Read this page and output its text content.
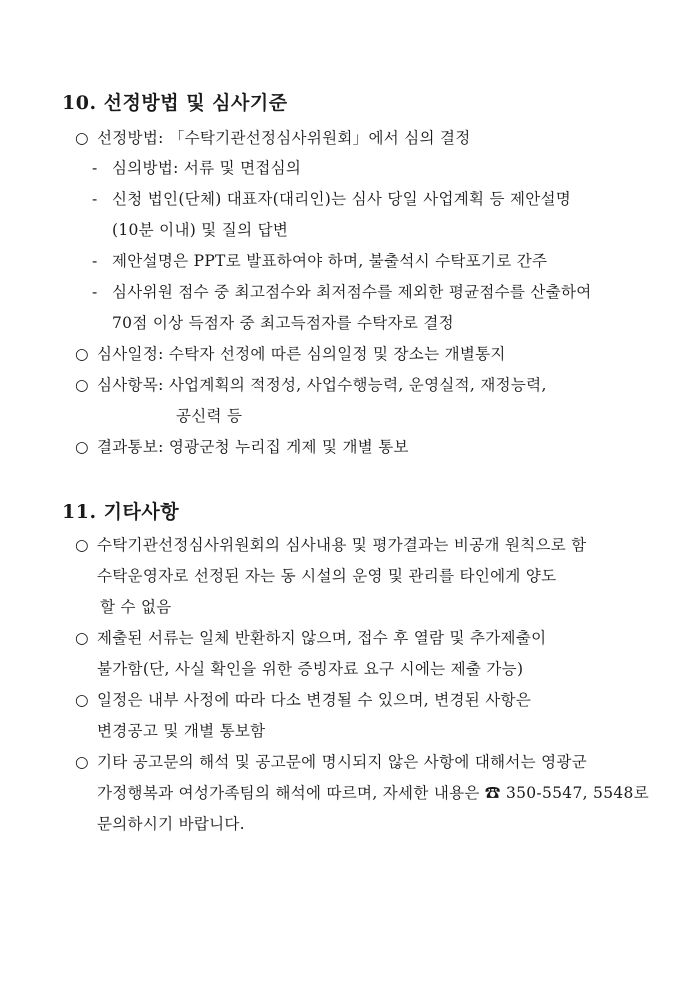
10. 선정방법 및 심사기준
○ 선정방법: 「수탁기관선정심사위원회」에서 심의 결정
- 심의방법: 서류 및 면접심의
- 신청 법인(단체) 대표자(대리인)는 심사 당일 사업계획 등 제안설명
(10분 이내) 및 질의 답변
- 제안설명은 PPT로 발표하여야 하며, 불출석시 수탁포기로 간주
- 심사위원 점수 중 최고점수와 최저점수를 제외한 평균점수를 산출하여
70점 이상 득점자 중 최고득점자를 수탁자로 결정
○ 심사일정: 수탁자 선정에 따른 심의일정 및 장소는 개별통지
○ 심사항목: 사업계획의 적정성, 사업수행능력, 운영실적, 재정능력,
공신력 등
○ 결과통보: 영광군청 누리집 게제 및 개별 통보
11. 기타사항
○ 수탁기관선정심사위원회의 심사내용 및 평가결과는 비공개 원칙으로 함
수탁운영자로 선정된 자는 동 시설의 운영 및 관리를 타인에게 양도
할 수 없음
○ 제출된 서류는 일체 반환하지 않으며, 접수 후 열람 및 추가제출이
불가함(단, 사실 확인을 위한 증빙자료 요구 시에는 제출 가능)
○ 일정은 내부 사정에 따라 다소 변경될 수 있으며, 변경된 사항은
변경공고 및 개별 통보함
○ 기타 공고문의 해석 및 공고문에 명시되지 않은 사항에 대해서는 영광군
가정행복과 여성가족팀의 해석에 따르며, 자세한 내용은 ☎ 350-5547, 5548로
문의하시기 바랍니다.
